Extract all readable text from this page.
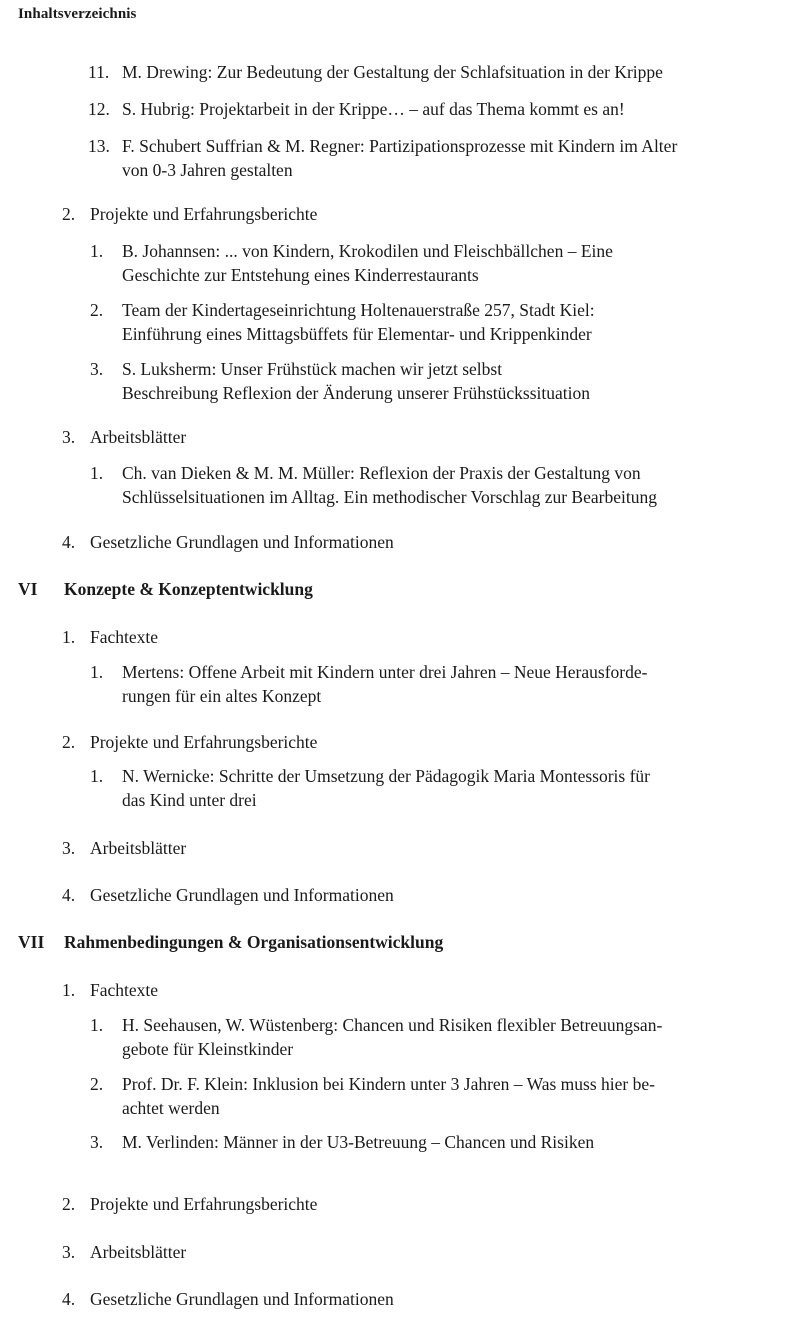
Inhaltsverzeichnis
11. M. Drewing: Zur Bedeutung der Gestaltung der Schlafsituation in der Krippe
12. S. Hubrig: Projektarbeit in der Krippe… – auf das Thema kommt es an!
13. F. Schubert Suffrian & M. Regner: Partizipationsprozesse mit Kindern im Alter
von 0-3 Jahren gestalten
2. Projekte und Erfahrungsberichte
1. B. Johannsen: ... von Kindern, Krokodilen und Fleischbällchen – Eine
Geschichte zur Entstehung eines Kinderrestaurants
2. Team der Kindertageseinrichtung Holtenauerstraße 257, Stadt Kiel:
Einführung eines Mittagsbüffets für Elementar- und Krippenkinder
3. S. Luksherm: Unser Frühstück machen wir jetzt selbst
Beschreibung Reflexion der Änderung unserer Frühstückssituation
3. Arbeitsblätter
1. Ch. van Dieken & M. M. Müller: Reflexion der Praxis der Gestaltung von
Schlüsselsituationen im Alltag. Ein methodischer Vorschlag zur Bearbeitung
4. Gesetzliche Grundlagen und Informationen
VI Konzepte & Konzeptentwicklung
1. Fachtexte
1. Mertens: Offene Arbeit mit Kindern unter drei Jahren – Neue Herausforde-
rungen für ein altes Konzept
2. Projekte und Erfahrungsberichte
1. N. Wernicke: Schritte der Umsetzung der Pädagogik Maria Montessoris für
das Kind unter drei
3. Arbeitsblätter
4. Gesetzliche Grundlagen und Informationen
VII Rahmenbedingungen & Organisationsentwicklung
1. Fachtexte
1. H. Seehausen, W. Wüstenberg: Chancen und Risiken flexibler Betreuungsan-
gebote für Kleinstkinder
2. Prof. Dr. F. Klein: Inklusion bei Kindern unter 3 Jahren – Was muss hier be-
achtet werden
3. M. Verlinden: Männer in der U3-Betreuung – Chancen und Risiken
2. Projekte und Erfahrungsberichte
3. Arbeitsblätter
4. Gesetzliche Grundlagen und Informationen
